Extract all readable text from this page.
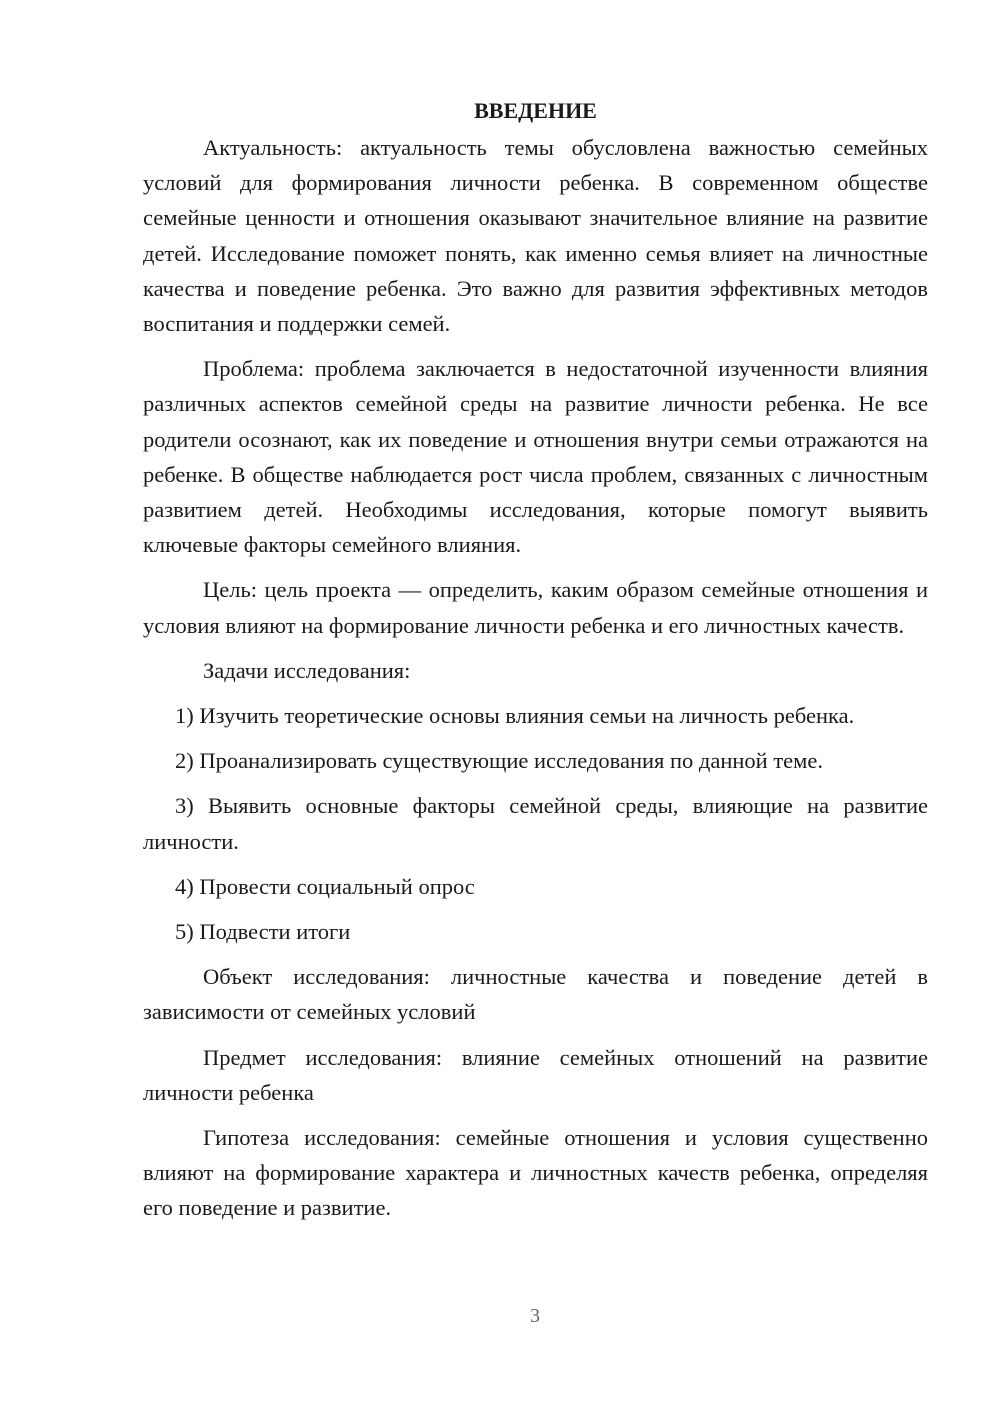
ВВЕДЕНИЕ

Актуальность: актуальность темы обусловлена важностью семейных условий для формирования личности ребенка. В современном обществе семейные ценности и отношения оказывают значительное влияние на развитие детей. Исследование поможет понять, как именно семья влияет на личностные качества и поведение ребенка. Это важно для развития эффективных методов воспитания и поддержки семей.

Проблема: проблема заключается в недостаточной изученности влияния различных аспектов семейной среды на развитие личности ребенка. Не все родители осознают, как их поведение и отношения внутри семьи отражаются на ребенке. В обществе наблюдается рост числа проблем, связанных с личностным развитием детей. Необходимы исследования, которые помогут выявить ключевые факторы семейного влияния.

Цель: цель проекта — определить, каким образом семейные отношения и условия влияют на формирование личности ребенка и его личностных качеств.

Задачи исследования:

1) Изучить теоретические основы влияния семьи на личность ребенка.

2) Проанализировать существующие исследования по данной теме.

3) Выявить основные факторы семейной среды, влияющие на развитие личности.

4) Провести социальный опрос

5) Подвести итоги

Объект исследования: личностные качества и поведение детей в зависимости от семейных условий

Предмет исследования: влияние семейных отношений на развитие личности ребенка

Гипотеза исследования: семейные отношения и условия существенно влияют на формирование характера и личностных качеств ребенка, определяя его поведение и развитие.

3
